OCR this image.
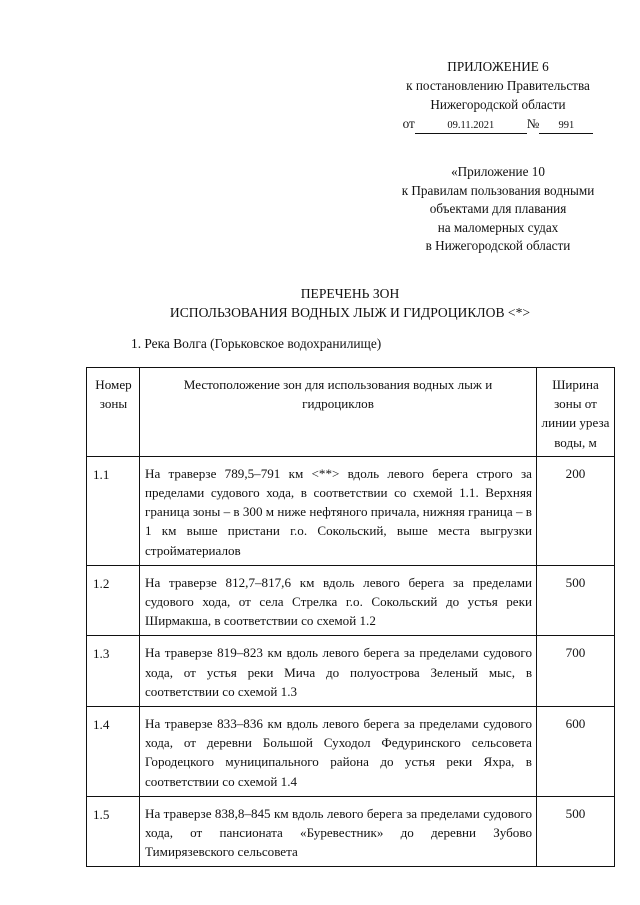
ПРИЛОЖЕНИЕ 6
к постановлению Правительства
Нижегородской области
от	09.11.2021 № 991
«Приложение 10
к Правилам пользования водными
объектами для плавания
на маломерных судах
в Нижегородской области
ПЕРЕЧЕНЬ ЗОН
ИСПОЛЬЗОВАНИЯ ВОДНЫХ ЛЫЖ И ГИДРОЦИКЛОВ <*>
1. Река Волга (Горьковское водохранилище)
Номер зоны	Местоположение зон для использования водных лыж и гидроциклов	Ширина зоны от линии уреза воды, м
1.1	На траверзе 789,5–791 км <**> вдоль левого берега строго за пределами судового хода, в соответствии со схемой 1.1. Верхняя граница зоны – в 300 м ниже нефтяного причала, нижняя граница – в 1 км выше пристани г.о. Сокольский, выше места выгрузки стройматериалов	200
1.2	На траверзе 812,7–817,6 км вдоль левого берега за пределами судового хода, от села Стрелка г.о. Сокольский до устья реки Ширмакша, в соответствии со схемой 1.2	500
1.3	На траверзе 819–823 км вдоль левого берега за пределами судового хода, от устья реки Мича до полуострова Зеленый мыс, в соответствии со схемой 1.3	700
1.4	На траверзе 833–836 км вдоль левого берега за пределами судового хода, от деревни Большой Суходол Федуринского сельсовета Городецкого муниципального района до устья реки Яхра, в соответствии со схемой 1.4	600
1.5	На траверзе 838,8–845 км вдоль левого берега за пределами судового хода, от пансионата «Буревестник» до деревни Зубово Тимирязевского сельсовета	500
